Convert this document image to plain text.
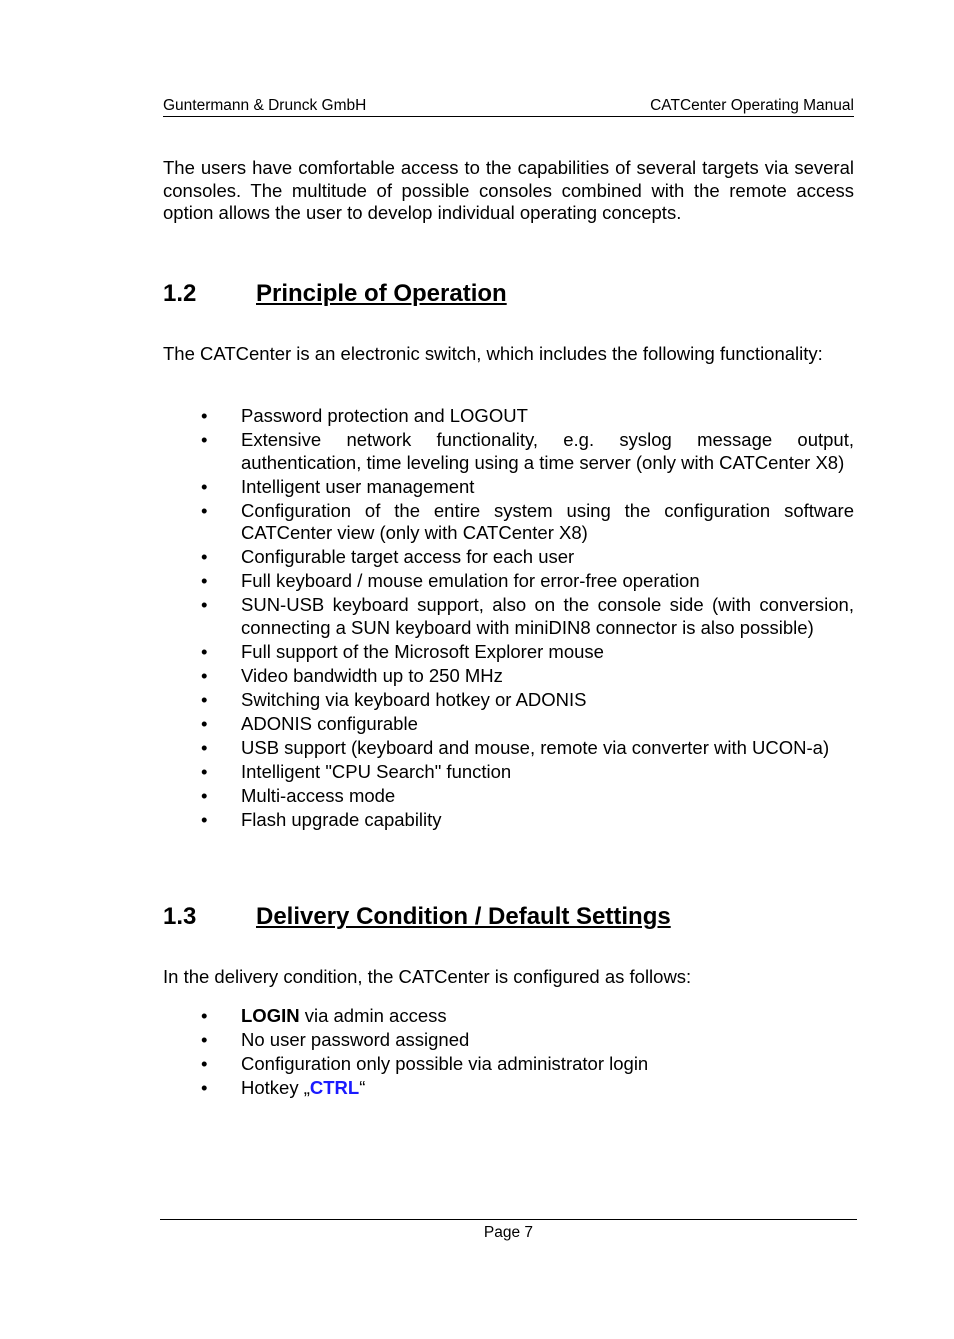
Guntermann & Drunck GmbH	CATCenter Operating Manual

The users have comfortable access to the capabilities of several targets via several consoles. The multitude of possible consoles combined with the remote access option allows the user to develop individual operating concepts.

1.2 Principle of Operation

The CATCenter is an electronic switch, which includes the following functionality:

• Password protection and LOGOUT
• Extensive network functionality, e.g. syslog message output, authentication, time leveling using a time server (only with CATCenter X8)
• Intelligent user management
• Configuration of the entire system using the configuration software CATCenter view (only with CATCenter X8)
• Configurable target access for each user
• Full keyboard / mouse emulation for error-free operation
• SUN-USB keyboard support, also on the console side (with conversion, connecting a SUN keyboard with miniDIN8 connector is also possible)
• Full support of the Microsoft Explorer mouse
• Video bandwidth up to 250 MHz
• Switching via keyboard hotkey or ADONIS
• ADONIS configurable
• USB support (keyboard and mouse, remote via converter with UCON-a)
• Intelligent "CPU Search" function
• Multi-access mode
• Flash upgrade capability
1.3 Delivery Condition / Default Settings

In the delivery condition, the CATCenter is configured as follows:

• LOGIN via admin access
• No user password assigned
• Configuration only possible via administrator login
• Hotkey „CTRL“
Page 7
